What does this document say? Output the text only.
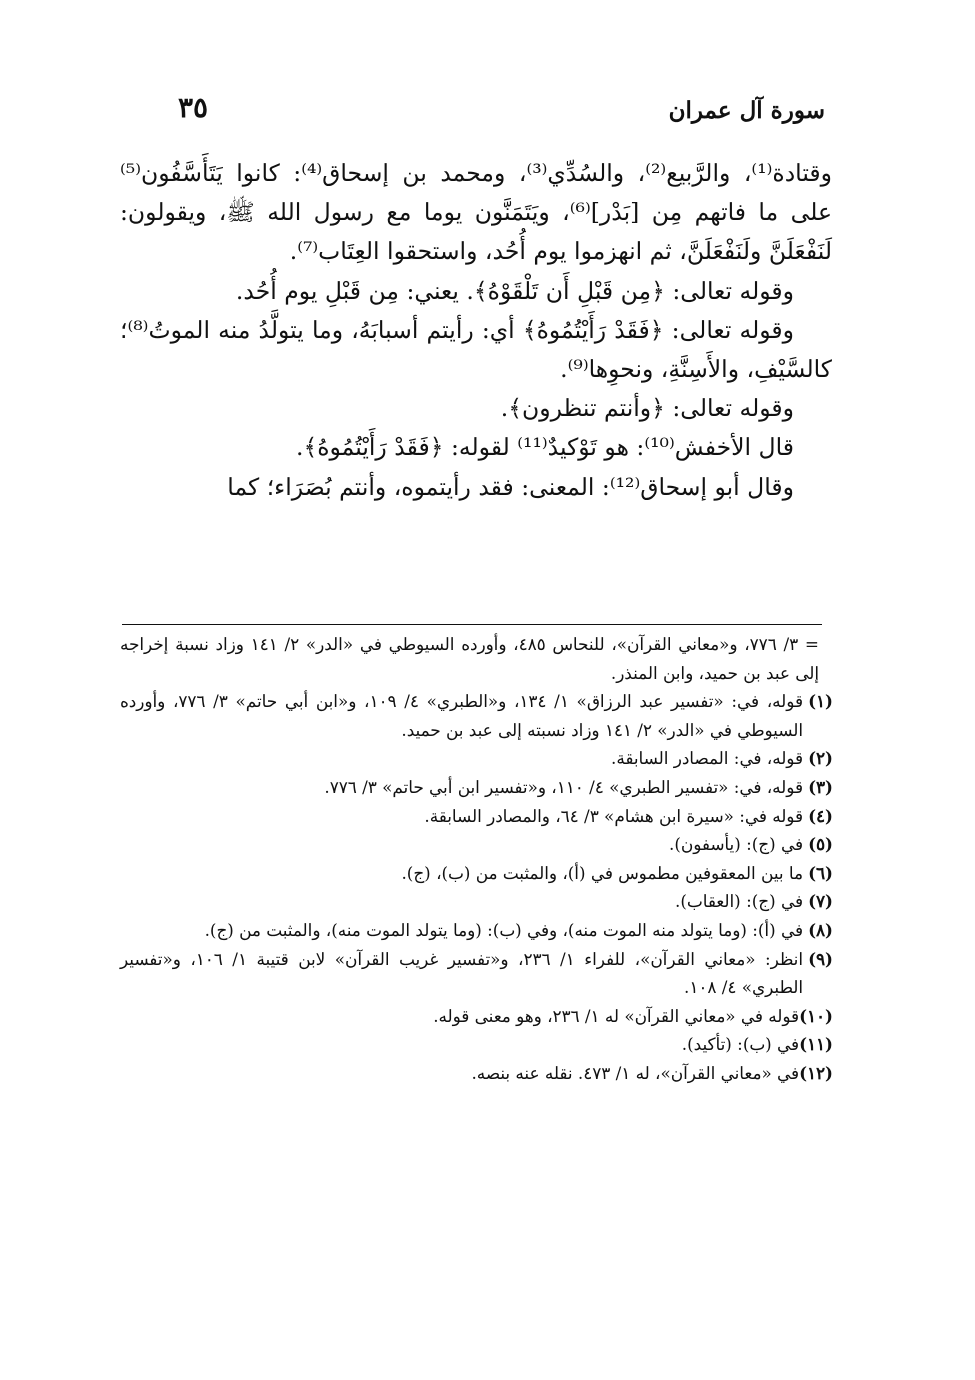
سورة آل عمران
٣٥

وقتادة⁽¹⁾، والرَّبيع⁽²⁾، والسُدِّي⁽³⁾، ومحمد بن إسحاق⁽⁴⁾: كانوا يَتَأَسَّفُون⁽⁵⁾ على ما فاتهم مِن [بَدْر]⁽⁶⁾، ويَتَمَنَّون يوما مع رسول الله ﷺ، ويقولون: لَنَفْعَلَنَّ ولَنَفْعَلَنَّ، ثم انهزموا يوم أُحُد، واستحقوا العِتَاب⁽⁷⁾.

وقوله تعالى: ﴿مِن قَبْلِ أَن تَلْقَوْهُ﴾. يعني: مِن قَبْلِ يوم أُحُد.

وقوله تعالى: ﴿فَقَدْ رَأَيْتُمُوهُ﴾ أي: رأيتم أسبابَهُ، وما يتولَّدُ منه الموتُ⁽⁸⁾؛ كالسَّيْفِ، والأَسِنَّةِ، ونحوِها⁽⁹⁾.

وقوله تعالى: ﴿وأنتم تنظرون﴾.

قال الأخفش⁽¹⁰⁾: هو تَوْكيدٌ⁽¹¹⁾ لقوله: ﴿فَقَدْ رَأَيْتُمُوهُ﴾.

وقال أبو إسحاق⁽¹²⁾: المعنى: فقد رأيتموه، وأنتم بُصَرَاء؛ كما

= ٣/ ٧٧٦، و«معاني القرآن»، للنحاس ٤٨٥، وأورده السيوطي في «الدر» ٢/ ١٤١ وزاد نسبة إخراجه إلى عبد بن حميد، وابن المنذر.
(١)
قوله، في: «تفسير عبد الرزاق» ١/ ١٣٤، و«الطبري» ٤/ ١٠٩، و«ابن أبي حاتم» ٣/ ٧٧٦، وأورده السيوطي في «الدر» ٢/ ١٤١ وزاد نسبته إلى عبد بن حميد.
(٢)
قوله، في: المصادر السابقة.
(٣)
قوله، في: «تفسير الطبري» ٤/ ١١٠، و«تفسير ابن أبي حاتم» ٣/ ٧٧٦.
(٤)
قوله في: «سيرة ابن هشام» ٣/ ٦٤، والمصادر السابقة.
(٥)
في (ج): (يأسفون).
(٦)
ما بين المعقوفين مطموس في (أ)، والمثبت من (ب)، (ج).
(٧)
في (ج): (العقاب).
(٨)
في (أ): (وما يتولد منه الموت منه)، وفي (ب): (وما يتولد الموت منه)، والمثبت من (ج).
(٩)
انظر: «معاني القرآن»، للفراء ١/ ٢٣٦، و«تفسير غريب القرآن» لابن قتيبة ١/ ١٠٦، و«تفسير الطبري» ٤/ ١٠٨.
(١٠)
قوله في «معاني القرآن» له ١/ ٢٣٦، وهو معنى قوله.
(١١)
في (ب): (تأكيد).
(١٢)
في «معاني القرآن»، له ١/ ٤٧٣. نقله عنه بنصه.
